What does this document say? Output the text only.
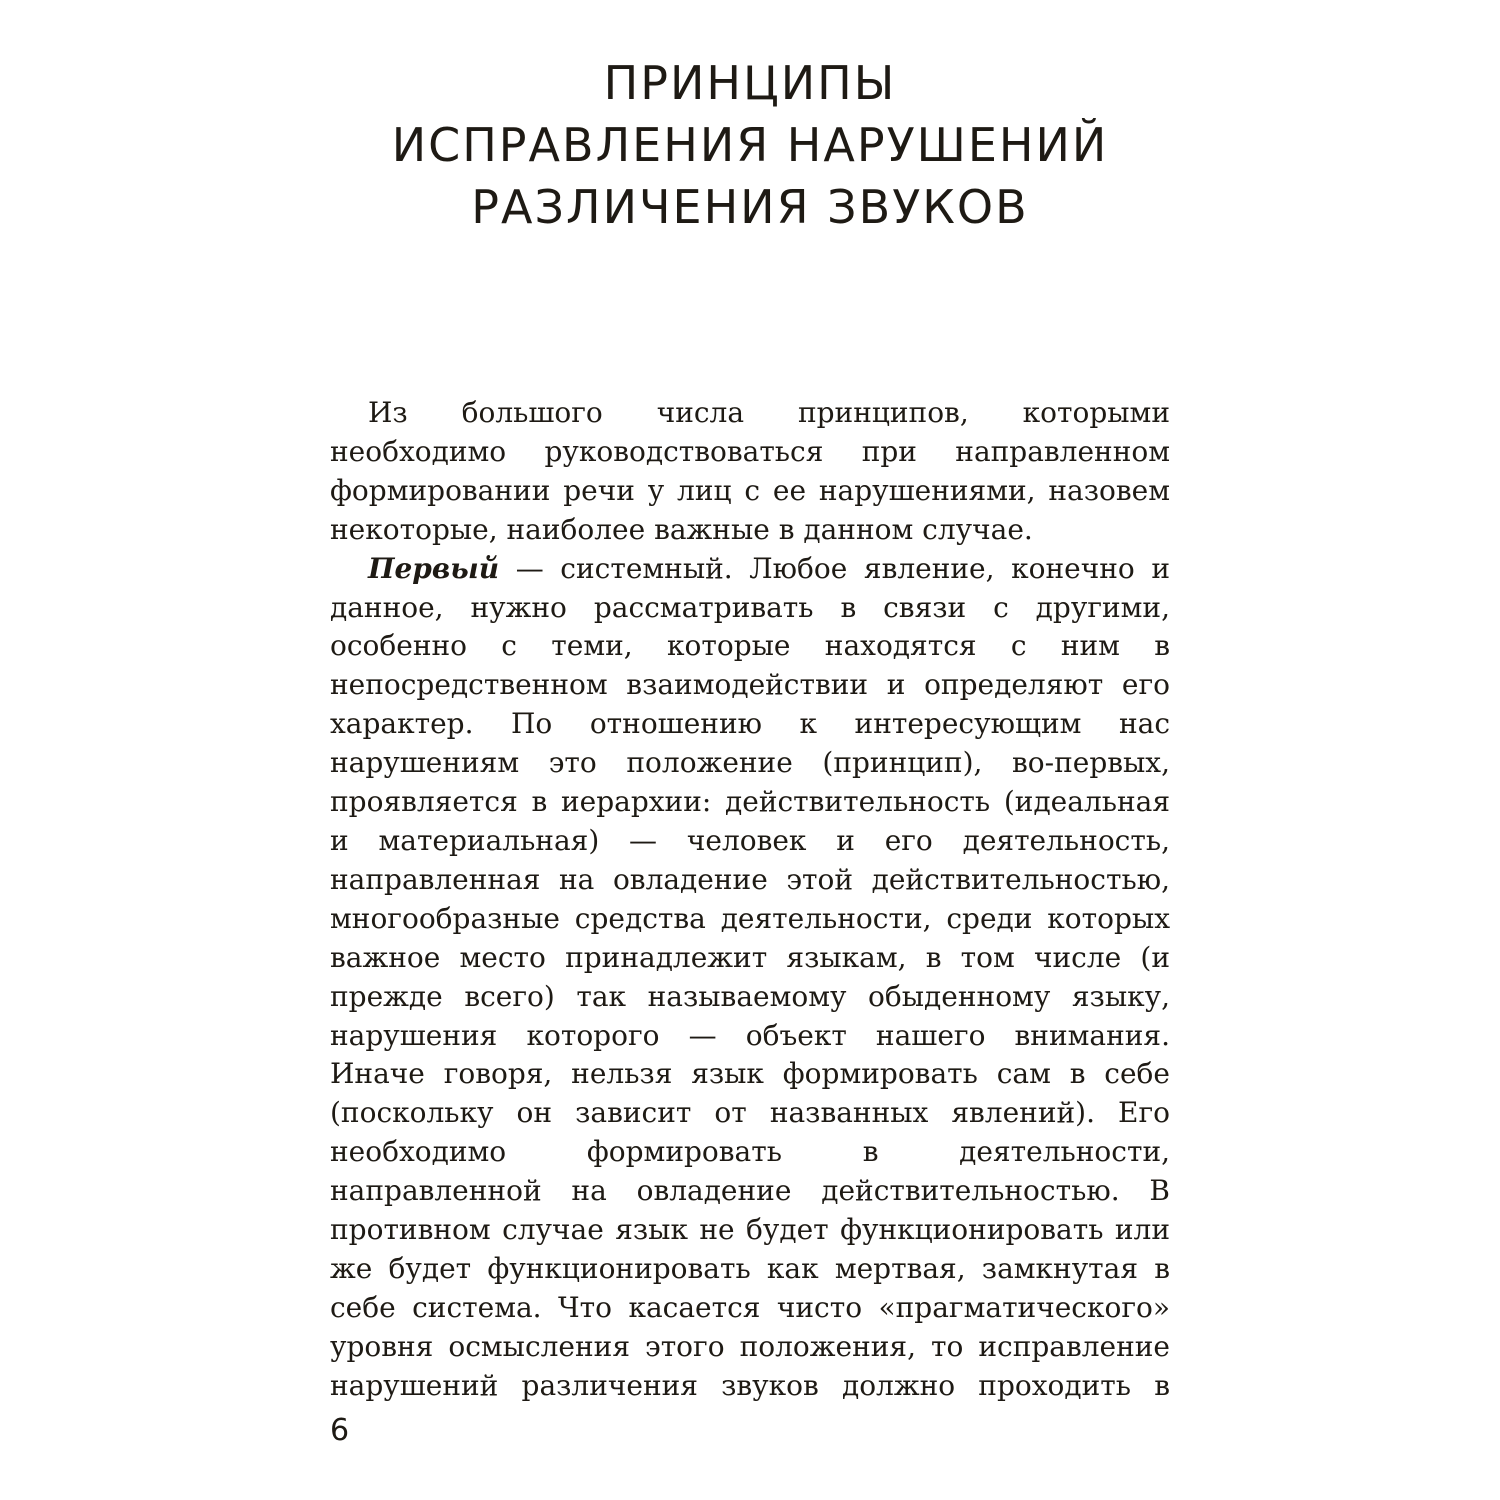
ПРИНЦИПЫ
ИСПРАВЛЕНИЯ НАРУШЕНИЙ
РАЗЛИЧЕНИЯ ЗВУКОВ

Из большого числа принципов, которыми необходимо руководствоваться при направленном формировании речи у лиц с ее нарушениями, назовем некоторые, наиболее важные в данном случае.

Первый — системный. Любое явление, конечно и данное, нужно рассматривать в связи с другими, особенно с теми, которые находятся с ним в непосредственном взаимодействии и определяют его характер. По отношению к интересующим нас нарушениям это положение (принцип), во-первых, проявляется в иерархии: действительность (идеальная и материальная) — человек и его деятельность, направленная на овладение этой действительностью, многообразные средства деятельности, среди которых важное место принадлежит языкам, в том числе (и прежде всего) так называемому обыденному языку, нарушения которого — объект нашего внимания. Иначе говоря, нельзя язык формировать сам в себе (поскольку он зависит от названных явлений). Его необходимо формировать в деятельности, направленной на овладение действительностью. В противном случае язык не будет функционировать или же будет функционировать как мертвая, замкнутая в себе система. Что касается чисто «прагматического» уровня осмысления этого положения, то исправление нарушений различения звуков должно проходить в

6
